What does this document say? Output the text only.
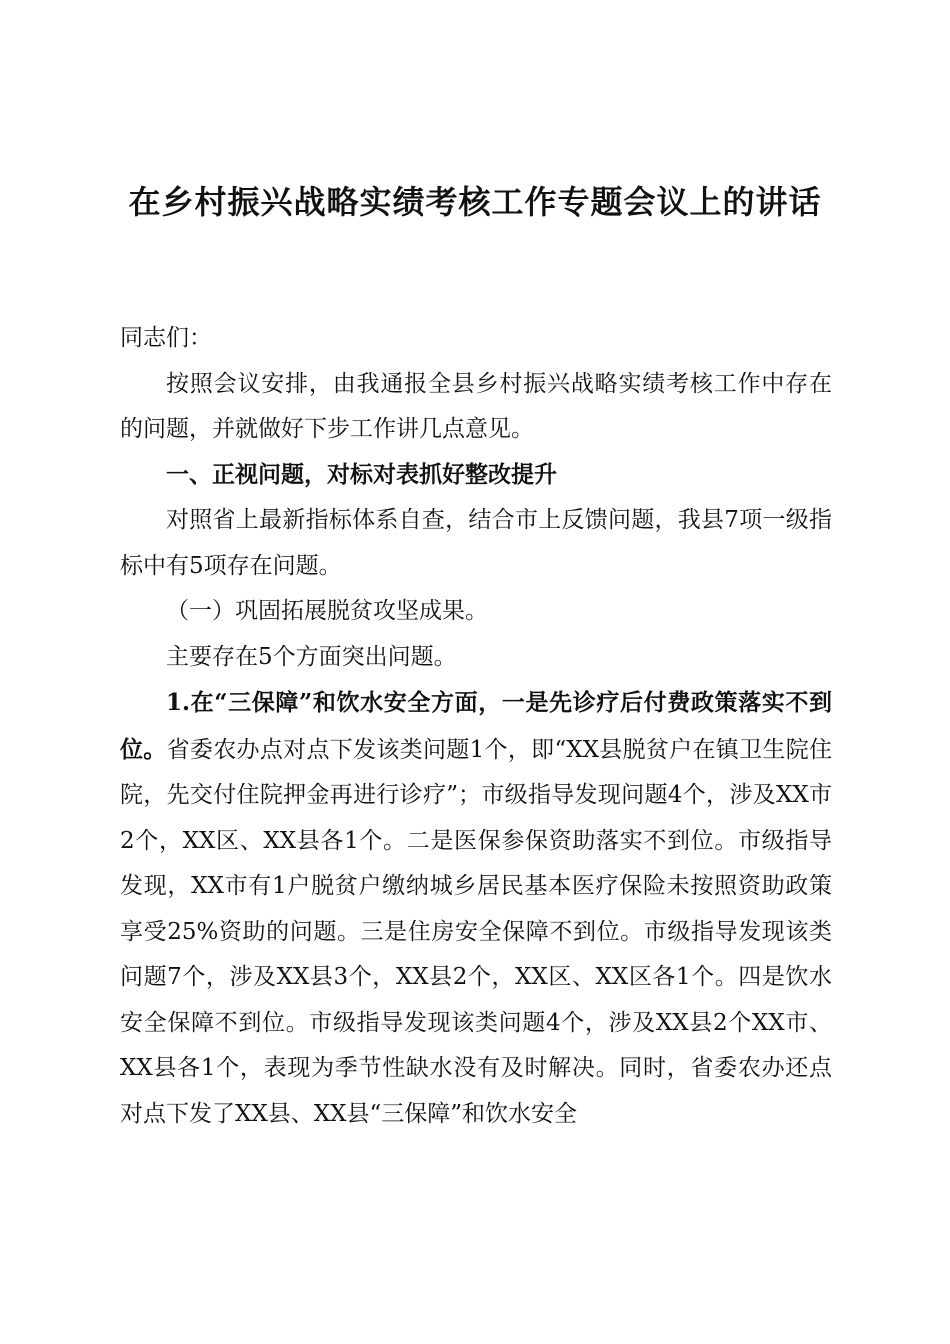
在乡村振兴战略实绩考核工作专题会议上的讲话

同志们：

按照会议安排，由我通报全县乡村振兴战略实绩考核工作中存在的问题，并就做好下步工作讲几点意见。

一、正视问题，对标对表抓好整改提升

对照省上最新指标体系自查，结合市上反馈问题，我县7项一级指标中有5项存在问题。

（一）巩固拓展脱贫攻坚成果。

主要存在5个方面突出问题。

1.在“三保障”和饮水安全方面，一是先诊疗后付费政策落实不到位。省委农办点对点下发该类问题1个，即“XX县脱贫户在镇卫生院住院，先交付住院押金再进行诊疗”；市级指导发现问题4个，涉及XX市2个，XX区、XX县各1个。二是医保参保资助落实不到位。市级指导发现，XX市有1户脱贫户缴纳城乡居民基本医疗保险未按照资助政策享受25%资助的问题。三是住房安全保障不到位。市级指导发现该类问题7个，涉及XX县3个，XX县2个，XX区、XX区各1个。四是饮水安全保障不到位。市级指导发现该类问题4个，涉及XX县2个XX市、XX县各1个，表现为季节性缺水没有及时解决。同时，省委农办还点对点下发了XX县、XX县“三保障”和饮水安全
